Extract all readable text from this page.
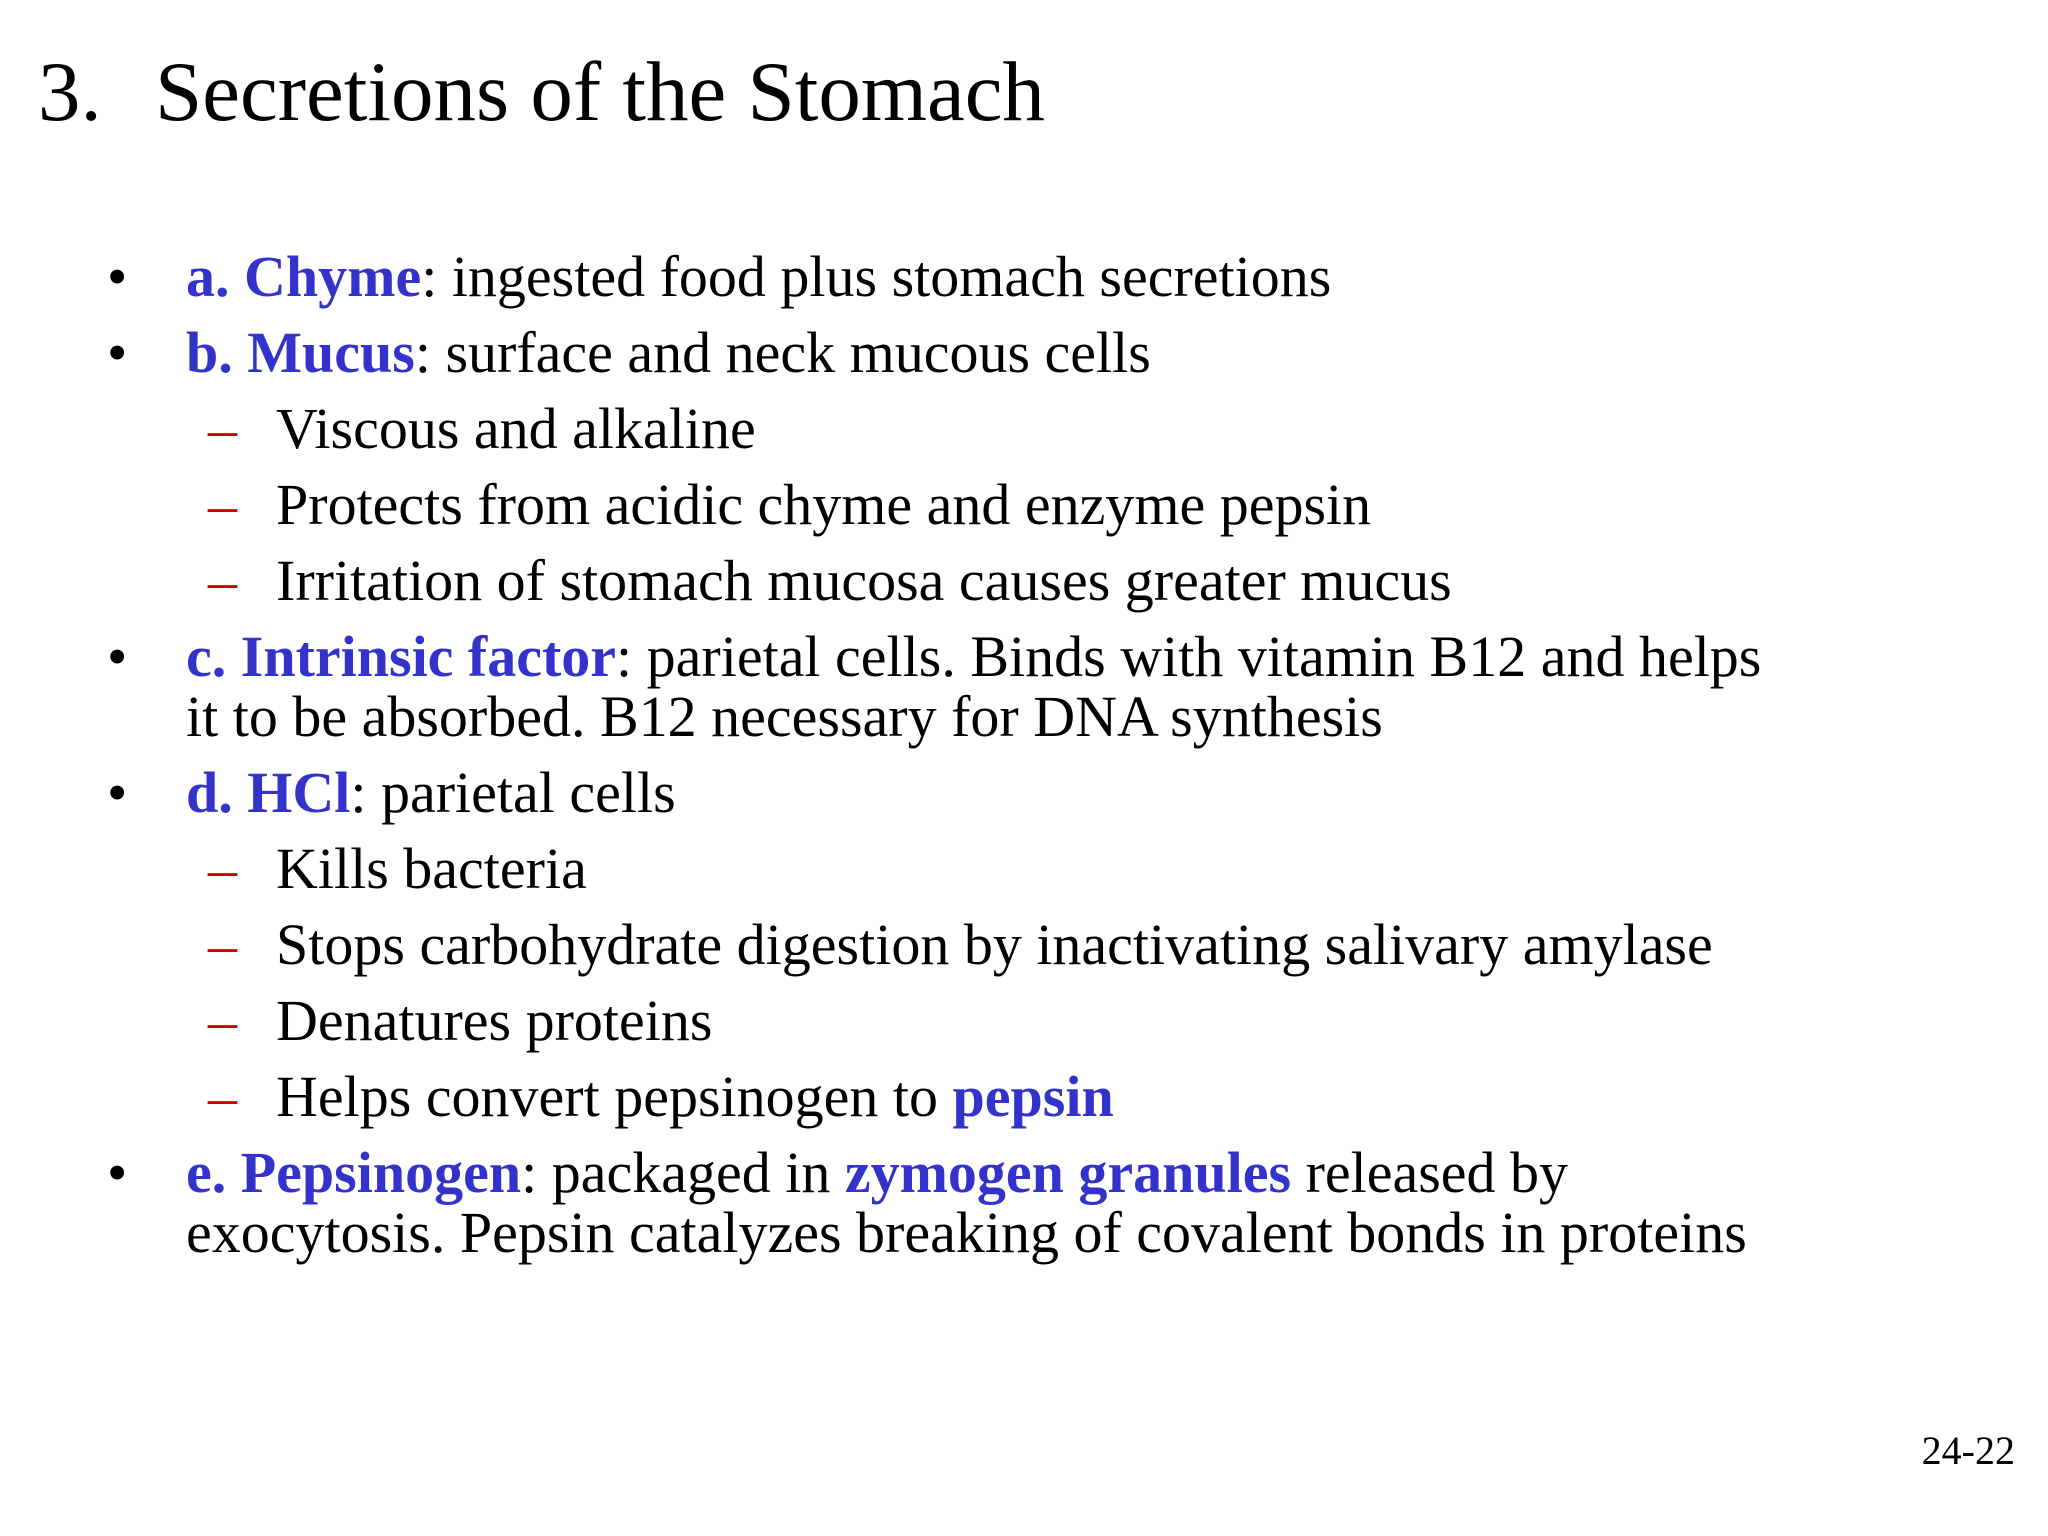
3. Secretions of the Stomach
• a. Chyme: ingested food plus stomach secretions
• b. Mucus: surface and neck mucous cells
– Viscous and alkaline
– Protects from acidic chyme and enzyme pepsin
– Irritation of stomach mucosa causes greater mucus
• c. Intrinsic factor: parietal cells. Binds with vitamin B12 and helps
it to be absorbed. B12 necessary for DNA synthesis
• d. HCl: parietal cells
– Kills bacteria
– Stops carbohydrate digestion by inactivating salivary amylase
– Denatures proteins
– Helps convert pepsinogen to pepsin
• e. Pepsinogen: packaged in zymogen granules released by
exocytosis. Pepsin catalyzes breaking of covalent bonds in proteins
24-22
